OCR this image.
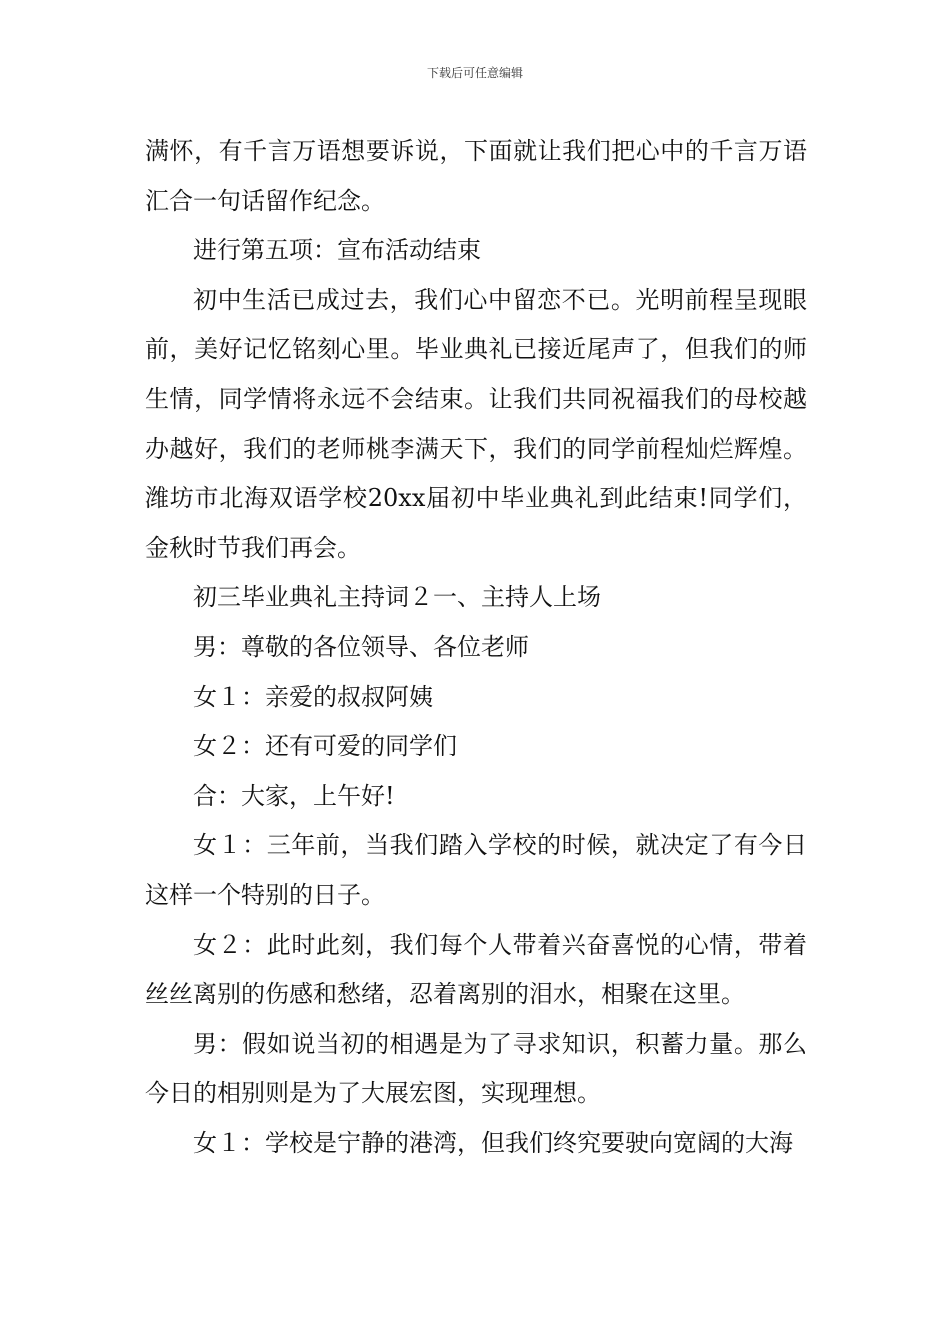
下载后可任意编辑

满怀，有千言万语想要诉说，下面就让我们把心中的千言万语汇合一句话留作纪念。

进行第五项：宣布活动结束

初中生活已成过去，我们心中留恋不已。光明前程呈现眼前，美好记忆铭刻心里。毕业典礼已接近尾声了，但我们的师生情，同学情将永远不会结束。让我们共同祝福我们的母校越办越好，我们的老师桃李满天下，我们的同学前程灿烂辉煌。潍坊市北海双语学校20xx届初中毕业典礼到此结束!同学们，金秋时节我们再会。

初三毕业典礼主持词２一、主持人上场

男：尊敬的各位领导、各位老师

女１：亲爱的叔叔阿姨

女２：还有可爱的同学们

合：大家，上午好!

女１：三年前，当我们踏入学校的时候，就决定了有今日这样一个特别的日子。

女２：此时此刻，我们每个人带着兴奋喜悦的心情，带着丝丝离别的伤感和愁绪，忍着离别的泪水，相聚在这里。

男：假如说当初的相遇是为了寻求知识，积蓄力量。那么今日的相别则是为了大展宏图，实现理想。

女１：学校是宁静的港湾，但我们终究要驶向宽阔的大海
